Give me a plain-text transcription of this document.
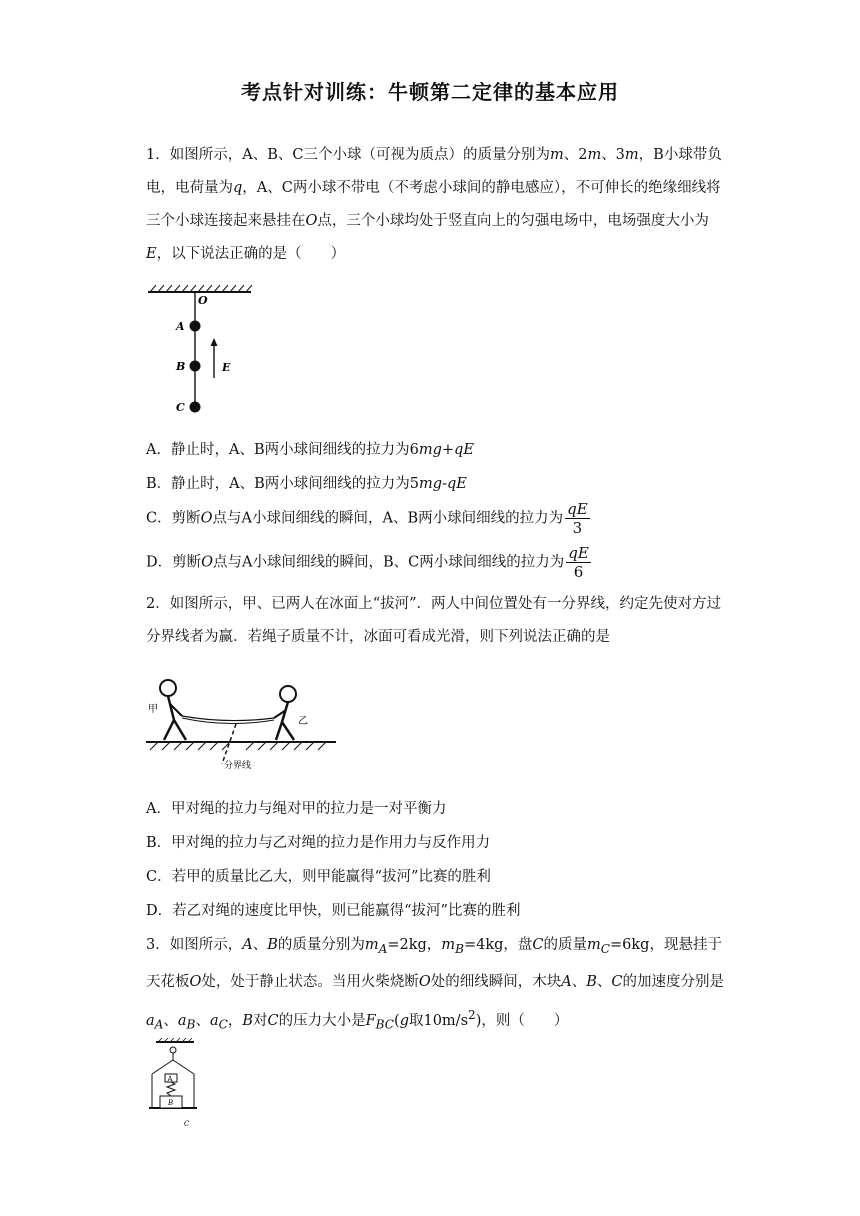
考点针对训练：牛顿第二定律的基本应用
1．如图所示，A、B、C三个小球（可视为质点）的质量分别为m、2m、3m，B小球带负电，电荷量为q，A、C两小球不带电（不考虑小球间的静电感应），不可伸长的绝缘细线将三个小球连接起来悬挂在O点，三个小球均处于竖直向上的匀强电场中，电场强度大小为E，以下说法正确的是（　　）
O
A
B
C
E
A．静止时，A、B两小球间细线的拉力为6mg+qE
B．静止时，A、B两小球间细线的拉力为5mg-qE
C．剪断O点与A小球间细线的瞬间，A、B两小球间细线的拉力为 $\frac{qE}{3}$
D．剪断O点与A小球间细线的瞬间，B、C两小球间细线的拉力为 $\frac{qE}{6}$
2．如图所示，甲、已两人在冰面上“拔河”．两人中间位置处有一分界线，约定先使对方过分界线者为赢．若绳子质量不计，冰面可看成光滑，则下列说法正确的是
甲
乙
分界线
A．甲对绳的拉力与绳对甲的拉力是一对平衡力
B．甲对绳的拉力与乙对绳的拉力是作用力与反作用力
C．若甲的质量比乙大，则甲能赢得“拔河”比赛的胜利
D．若乙对绳的速度比甲快，则已能赢得“拔河”比赛的胜利
3．如图所示，A、B的质量分别为$m_A=2kg$，$m_B=4kg$，盘C的质量$m_C=6kg$，现悬挂于天花板O处，处于静止状态。当用火柴烧断O处的细线瞬间，木块A、B、C的加速度分别是$a_A$、$a_B$、$a_C$，B对C的压力大小是$F_{BC}(g$取$10m/s^2$)，则（　　）
A
B
C
